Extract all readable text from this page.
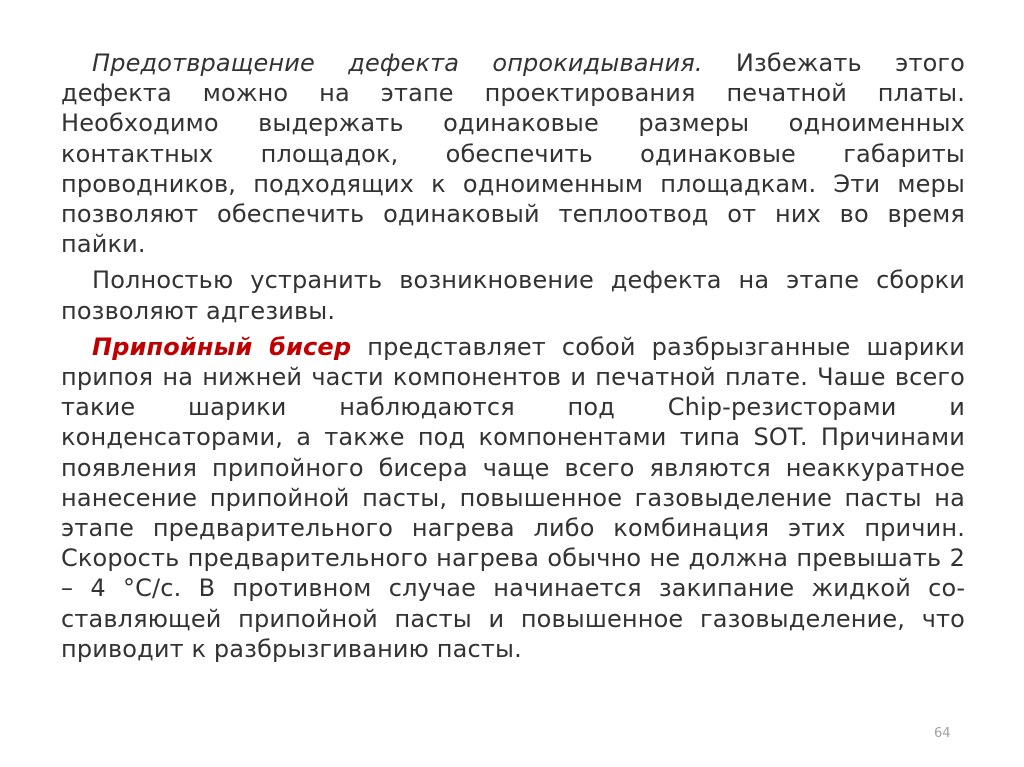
Предотвращение дефекта опрокидывания. Избежать этого дефекта можно на этапе проектирования печатной платы. Необходимо выдержать одинаковые размеры одноименных контактных площадок, обеспечить одинаковые габариты проводников, подходящих к одноименным площадкам. Эти меры позволяют обеспечить одинаковый теплоотвод от них во время пайки.

Полностью устранить возникновение дефекта на этапе сборки позволяют адгезивы.

Припойный бисер представляет собой разбрызганные шарики припоя на нижней части компонентов и печатной плате. Чаше всего такие шарики наблюдаются под Chip-резисторами и конденсаторами, а также под компонентами типа SOT. Причинами появления припойного бисера чаще всего являются неаккуратное нанесение припойной пасты, повышенное газовыделение пасты на этапе предварительного нагрева либо комбинация этих причин. Скорость предварительного нагрева обычно не должна превышать 2 – 4 °С/с. В противном случае начинается закипание жидкой составляющей припойной пасты и повышенное газовыделение, что приводит к разбрызгиванию пасты.

64
